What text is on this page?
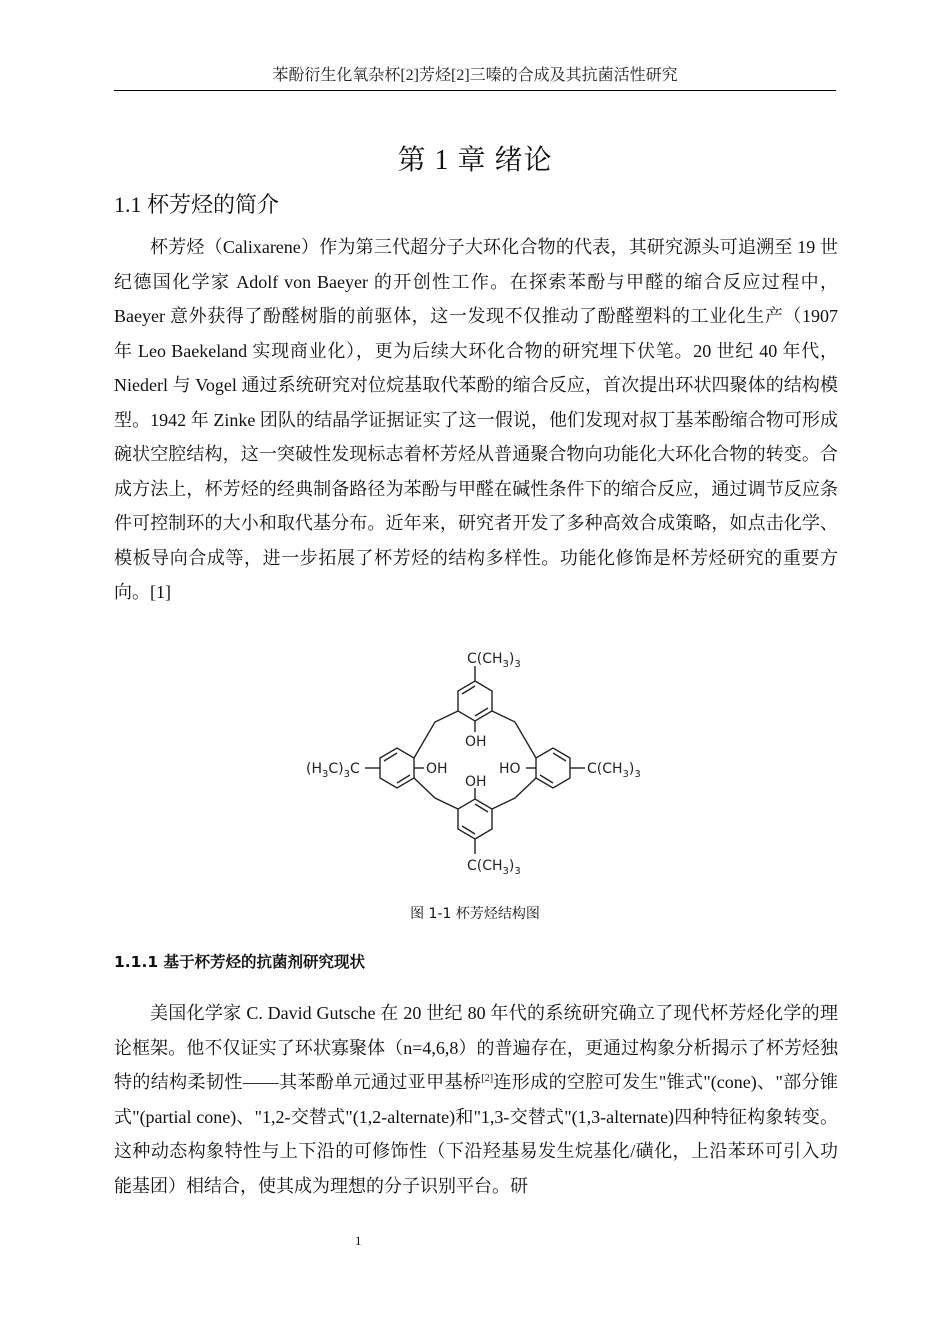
苯酚衍生化氧杂杯[2]芳烃[2]三嗪的合成及其抗菌活性研究
第 1 章 绪论
1.1 杯芳烃的简介

杯芳烃（Calixarene）作为第三代超分子大环化合物的代表，其研究源头可追溯至 19 世纪德国化学家 Adolf von Baeyer 的开创性工作。在探索苯酚与甲醛的缩合反应过程中，Baeyer 意外获得了酚醛树脂的前驱体，这一发现不仅推动了酚醛塑料的工业化生产（1907 年 Leo Baekeland 实现商业化），更为后续大环化合物的研究埋下伏笔。20 世纪 40 年代，Niederl 与 Vogel 通过系统研究对位烷基取代苯酚的缩合反应，首次提出环状四聚体的结构模型。1942 年 Zinke 团队的结晶学证据证实了这一假说，他们发现对叔丁基苯酚缩合物可形成碗状空腔结构，这一突破性发现标志着杯芳烃从普通聚合物向功能化大环化合物的转变。合成方法上，杯芳烃的经典制备路径为苯酚与甲醛在碱性条件下的缩合反应，通过调节反应条件可控制环的大小和取代基分布。近年来，研究者开发了多种高效合成策略，如点击化学、模板导向合成等，进一步拓展了杯芳烃的结构多样性。功能化修饰是杯芳烃研究的重要方向。[1]

$C(CH_3)_3$
$C(CH_3)_3$
$(H_3C)_3C$	$C(CH_3)_3$
OH
OH	HO
OH
图 1-1 杯芳烃结构图
1.1.1 基于杯芳烃的抗菌剂研究现状

美国化学家 C. David Gutsche 在 20 世纪 80 年代的系统研究确立了现代杯芳烃化学的理论框架。他不仅证实了环状寡聚体（n=4,6,8）的普遍存在，更通过构象分析揭示了杯芳烃独特的结构柔韧性——其苯酚单元通过亚甲基桥[2]连形成的空腔可发生"锥式"(cone)、"部分锥式"(partial cone)、"1,2-交替式"(1,2-alternate)和"1,3-交替式"(1,3-alternate)四种特征构象转变。这种动态构象特性与上下沿的可修饰性（下沿羟基易发生烷基化/磺化，上沿苯环可引入功能基团）相结合，使其成为理想的分子识别平台。研

1
